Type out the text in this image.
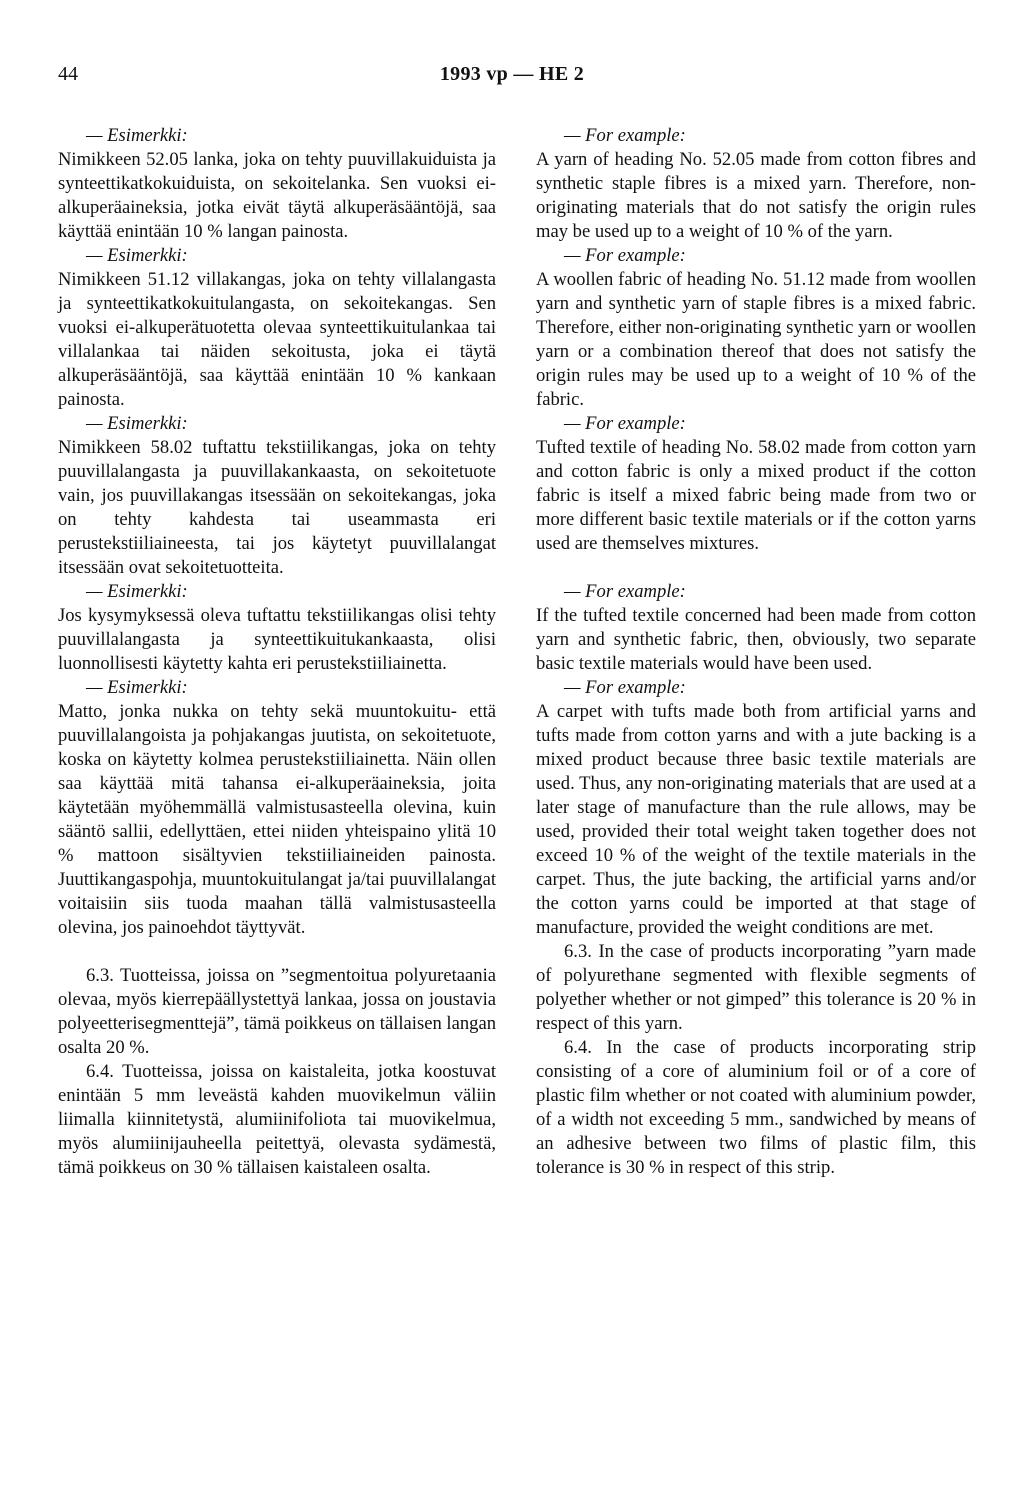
44	1993 vp — HE 2
— Esimerkki:
Nimikkeen 52.05 lanka, joka on tehty puuvillakuiduista ja synteettikatkokuiduista, on sekoitelanka. Sen vuoksi ei-alkuperäaineksia, jotka eivät täytä alkuperäsääntöjä, saa käyttää enintään 10 % langan painosta.
— Esimerkki:
Nimikkeen 51.12 villakangas, joka on tehty villalangasta ja synteettikatkokuitulangasta, on sekoitekangas. Sen vuoksi ei-alkuperätuotetta olevaa synteettikuitulankaa tai villalankaa tai näiden sekoitusta, joka ei täytä alkuperäsääntöjä, saa käyttää enintään 10 % kankaan painosta.
— Esimerkki:
Nimikkeen 58.02 tuftattu tekstiilikangas, joka on tehty puuvillalangasta ja puuvillakankaasta, on sekoitetuote vain, jos puuvillakangas itsessään on sekoitekangas, joka on tehty kahdesta tai useammasta eri perustekstiiliaineesta, tai jos käytetyt puuvillalangat itsessään ovat sekoitetuotteita.
— Esimerkki:
Jos kysymyksessä oleva tuftattu tekstiilikangas olisi tehty puuvillalangasta ja synteettikuitukankaasta, olisi luonnollisesti käytetty kahta eri perustekstiiliainetta.
— Esimerkki:
Matto, jonka nukka on tehty sekä muuntokuitu- että puuvillalangoista ja pohjakangas juutista, on sekoitetuote, koska on käytetty kolmea perustekstiiliainetta. Näin ollen saa käyttää mitä tahansa ei-alkuperäaineksia, joita käytetään myöhemmällä valmistusasteella olevina, kuin sääntö sallii, edellyttäen, ettei niiden yhteispaino ylitä 10 % mattoon sisältyvien tekstiiliaineiden painosta. Juuttikangaspohja, muuntokuitulangat ja/tai puuvillalangat voitaisiin siis tuoda maahan tällä valmistusasteella olevina, jos painoehdot täyttyvät.
6.3. Tuotteissa, joissa on ”segmentoitua polyuretaania olevaa, myös kierrepäällystettyä lankaa, jossa on joustavia polyeetterisegmenttejä”, tämä poikkeus on tällaisen langan osalta 20 %.
6.4. Tuotteissa, joissa on kaistaleita, jotka koostuvat enintään 5 mm leveästä kahden muovikelmun väliin liimalla kiinnitetystä, alumiinifoliota tai muovikelmua, myös alumiinijauheella peitettyä, olevasta sydämestä, tämä poikkeus on 30 % tällaisen kaistaleen osalta.
— For example:
A yarn of heading No. 52.05 made from cotton fibres and synthetic staple fibres is a mixed yarn. Therefore, non-originating materials that do not satisfy the origin rules may be used up to a weight of 10 % of the yarn.
— For example:
A woollen fabric of heading No. 51.12 made from woollen yarn and synthetic yarn of staple fibres is a mixed fabric. Therefore, either non-originating synthetic yarn or woollen yarn or a combination thereof that does not satisfy the origin rules may be used up to a weight of 10 % of the fabric.
— For example:
Tufted textile of heading No. 58.02 made from cotton yarn and cotton fabric is only a mixed product if the cotton fabric is itself a mixed fabric being made from two or more different basic textile materials or if the cotton yarns used are themselves mixtures.
— For example:
If the tufted textile concerned had been made from cotton yarn and synthetic fabric, then, obviously, two separate basic textile materials would have been used.
— For example:
A carpet with tufts made both from artificial yarns and tufts made from cotton yarns and with a jute backing is a mixed product because three basic textile materials are used. Thus, any non-originating materials that are used at a later stage of manufacture than the rule allows, may be used, provided their total weight taken together does not exceed 10 % of the weight of the textile materials in the carpet. Thus, the jute backing, the artificial yarns and/or the cotton yarns could be imported at that stage of manufacture, provided the weight conditions are met.
6.3. In the case of products incorporating ”yarn made of polyurethane segmented with flexible segments of polyether whether or not gimped” this tolerance is 20 % in respect of this yarn.
6.4. In the case of products incorporating strip consisting of a core of aluminium foil or of a core of plastic film whether or not coated with aluminium powder, of a width not exceeding 5 mm., sandwiched by means of an adhesive between two films of plastic film, this tolerance is 30 % in respect of this strip.
